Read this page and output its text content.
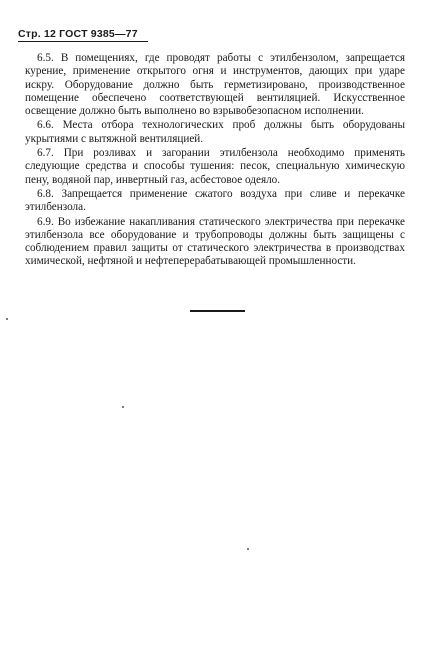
Стр. 12 ГОСТ 9385—77

6.5. В помещениях, где проводят работы с этилбензолом, запрещается курение, применение открытого огня и инструментов, дающих при ударе искру. Оборудование должно быть герметизировано, производственное помещение обеспечено соответствующей вентиляцией. Искусственное освещение должно быть выполнено во взрывобезопасном исполнении.

6.6. Места отбора технологических проб должны быть оборудованы укрытиями с вытяжной вентиляцией.

6.7. При розливах и загорании этилбензола необходимо применять следующие средства и способы тушения: песок, специальную химическую пену, водяной пар, инвертный газ, асбестовое одеяло.

6.8. Запрещается применение сжатого воздуха при сливе и перекачке этилбензола.

6.9. Во избежание накапливания статического электричества при перекачке этилбензола все оборудование и трубопроводы должны быть защищены с соблюдением правил защиты от статического электричества в производствах химической, нефтяной и нефтеперерабатывающей промышленности.
